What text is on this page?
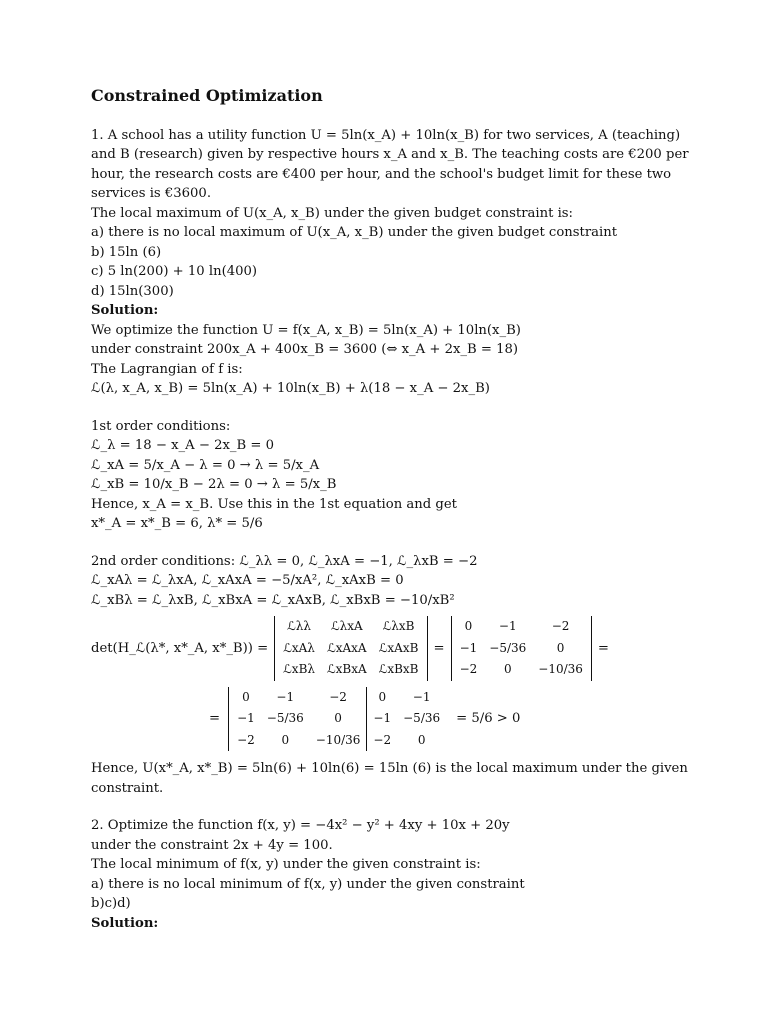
Constrained Optimization

1. A school has a utility function U = 5ln(x_A) + 10ln(x_B) for two services, A (teaching)

and B (research) given by respective hours x_A and x_B. The teaching costs are €200 per

hour, the research costs are €400 per hour, and the school's budget limit for these two

services is €3600.

The local maximum of U(x_A, x_B) under the given budget constraint is:

a) there is no local maximum of U(x_A, x_B) under the given budget constraint

b) 15ln (6)

c) 5 ln(200) + 10 ln(400)

d) 15ln(300)

Solution:

We optimize the function U = f(x_A, x_B) = 5ln(x_A) + 10ln(x_B)

under constraint 200x_A + 400x_B = 3600 (⇔ x_A + 2x_B = 18)

The Lagrangian of f is:

ℒ(λ, x_A, x_B) = 5ln(x_A) + 10ln(x_B) + λ(18 − x_A − 2x_B)

1st order conditions:

ℒ_λ = 18 − x_A − 2x_B = 0

ℒ_xA = 5/x_A − λ = 0 → λ = 5/x_A

ℒ_xB = 10/x_B − 2λ = 0 → λ = 5/x_B

Hence, x_A = x_B. Use this in the 1st equation and get

x*_A = x*_B = 6, λ* = 5/6

2nd order conditions: ℒ_λλ = 0, ℒ_λxA = −1, ℒ_λxB = −2

ℒ_xAλ = ℒ_λxA, ℒ_xAxA = −5/xA², ℒ_xAxB = 0

ℒ_xBλ = ℒ_λxB, ℒ_xBxA = ℒ_xAxB, ℒ_xBxB = −10/xB²

det(H_ℒ(λ*, x*_A, x*_B)) =
ℒλλ	ℒλxA	ℒλxB
ℒxAλ	ℒxAxA	ℒxAxB
ℒxBλ	ℒxBxA	ℒxBxB
=
0	−1	−2
−1	−5/36	0
−2	0	−10/36
=
=
0	−1	−2	0	−1
−1	−5/36	0	−1	−5/36
−2	0	−10/36	−2	0
= 5/6 > 0

Hence, U(x*_A, x*_B) = 5ln(6) + 10ln(6) = 15ln (6) is the local maximum under the given

constraint.

2. Optimize the function f(x, y) = −4x² − y² + 4xy + 10x + 20y

under the constraint 2x + 4y = 100.

The local minimum of f(x, y) under the given constraint is:

a) there is no local minimum of f(x, y) under the given constraint

b)c)d)

Solution:
